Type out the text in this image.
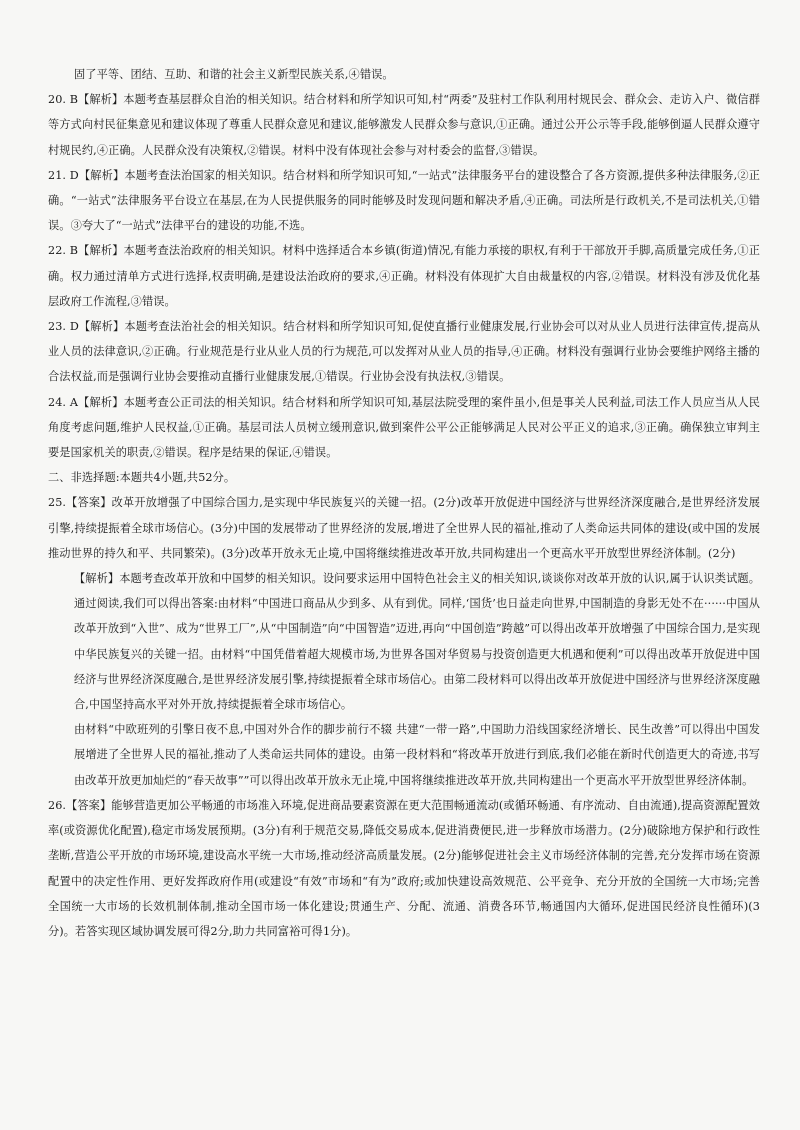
固了平等、团结、互助、和谐的社会主义新型民族关系,④错误。

20. B【解析】本题考查基层群众自治的相关知识。结合材料和所学知识可知,村“两委”及驻村工作队利用村规民会、群众会、走访入户、微信群等方式向村民征集意见和建议体现了尊重人民群众意见和建议,能够激发人民群众参与意识,①正确。通过公开公示等手段,能够倒逼人民群众遵守村规民约,④正确。人民群众没有决策权,②错误。材料中没有体现社会参与对村委会的监督,③错误。

21. D【解析】本题考查法治国家的相关知识。结合材料和所学知识可知,“一站式”法律服务平台的建设整合了各方资源,提供多种法律服务,②正确。“一站式”法律服务平台设立在基层,在为人民提供服务的同时能够及时发现问题和解决矛盾,④正确。司法所是行政机关,不是司法机关,①错误。③夸大了“一站式”法律平台的建设的功能,不选。

22. B【解析】本题考查法治政府的相关知识。材料中选择适合本乡镇(街道)情况,有能力承接的职权,有利于干部放开手脚,高质量完成任务,①正确。权力通过清单方式进行选择,权责明确,是建设法治政府的要求,④正确。材料没有体现扩大自由裁量权的内容,②错误。材料没有涉及优化基层政府工作流程,③错误。

23. D【解析】本题考查法治社会的相关知识。结合材料和所学知识可知,促使直播行业健康发展,行业协会可以对从业人员进行法律宣传,提高从业人员的法律意识,②正确。行业规范是行业从业人员的行为规范,可以发挥对从业人员的指导,④正确。材料没有强调行业协会要维护网络主播的合法权益,而是强调行业协会要推动直播行业健康发展,①错误。行业协会没有执法权,③错误。

24. A【解析】本题考查公正司法的相关知识。结合材料和所学知识可知,基层法院受理的案件虽小,但是事关人民利益,司法工作人员应当从人民角度考虑问题,维护人民权益,①正确。基层司法人员树立缓刑意识,做到案件公平公正能够满足人民对公平正义的追求,③正确。确保独立审判主要是国家机关的职责,②错误。程序是结果的保证,④错误。

二、非选择题:本题共4小题,共52分。

25.【答案】改革开放增强了中国综合国力,是实现中华民族复兴的关键一招。(2分)改革开放促进中国经济与世界经济深度融合,是世界经济发展引擎,持续提振着全球市场信心。(3分)中国的发展带动了世界经济的发展,增进了全世界人民的福祉,推动了人类命运共同体的建设(或中国的发展推动世界的持久和平、共同繁荣)。(3分)改革开放永无止境,中国将继续推进改革开放,共同构建出一个更高水平开放型世界经济体制。(2分)

【解析】本题考查改革开放和中国梦的相关知识。设问要求运用中国特色社会主义的相关知识,谈谈你对改革开放的认识,属于认识类试题。通过阅读,我们可以得出答案:由材料“中国进口商品从少到多、从有到优。同样,‘国货’也日益走向世界,中国制造的身影无处不在······中国从改革开放到“入世”、成为“世界工厂”,从“中国制造”向“中国智造”迈进,再向“中国创造”跨越”可以得出改革开放增强了中国综合国力,是实现中华民族复兴的关键一招。由材料“中国凭借着超大规模市场,为世界各国对华贸易与投资创造更大机遇和便利”可以得出改革开放促进中国经济与世界经济深度融合,是世界经济发展引擎,持续提振着全球市场信心。由第二段材料可以得出改革开放促进中国经济与世界经济深度融合,中国坚持高水平对外开放,持续提振着全球市场信心。

由材料“中欧班列的引擎日夜不息,中国对外合作的脚步前行不辍 共建“一带一路”,中国助力沿线国家经济增长、民生改善”可以得出中国发展增进了全世界人民的福祉,推动了人类命运共同体的建设。由第一段材料和“将改革开放进行到底,我们必能在新时代创造更大的奇迹,书写由改革开放更加灿烂的“春天故事””可以得出改革开放永无止境,中国将继续推进改革开放,共同构建出一个更高水平开放型世界经济体制。

26.【答案】能够营造更加公平畅通的市场准入环境,促进商品要素资源在更大范围畅通流动(或循环畅通、有序流动、自由流通),提高资源配置效率(或资源优化配置),稳定市场发展预期。(3分)有利于规范交易,降低交易成本,促进消费便民,进一步释放市场潜力。(2分)破除地方保护和行政性垄断,营造公平开放的市场环境,建设高水平统一大市场,推动经济高质量发展。(2分)能够促进社会主义市场经济体制的完善,充分发挥市场在资源配置中的决定性作用、更好发挥政府作用(或建设“有效”市场和“有为”政府;或加快建设高效规范、公平竞争、充分开放的全国统一大市场;完善全国统一大市场的长效机制体制,推动全国市场一体化建设;贯通生产、分配、流通、消费各环节,畅通国内大循环,促进国民经济良性循环)(3分)。若答实现区域协调发展可得2分,助力共同富裕可得1分)。
